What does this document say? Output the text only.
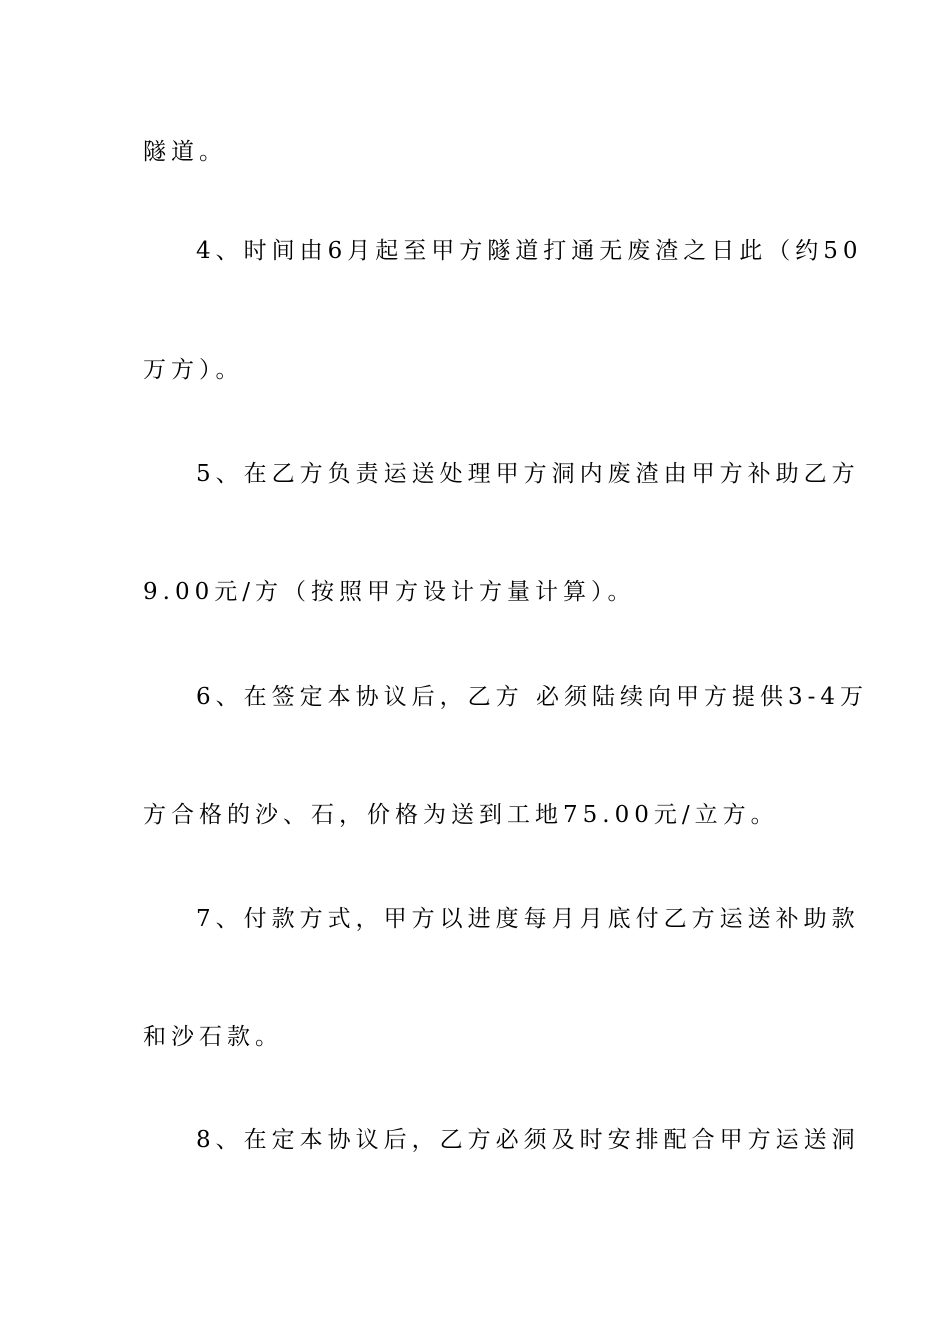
隧道。
4、时间由6月起至甲方隧道打通无废渣之日此（约50
万方）。
5、在乙方负责运送处理甲方洞内废渣由甲方补助乙方
9.00元/方（按照甲方设计方量计算）。
6、在签定本协议后，乙方 必须陆续向甲方提供3-4万
方合格的沙、石，价格为送到工地75.00元/立方。
7、付款方式，甲方以进度每月月底付乙方运送补助款
和沙石款。
8、在定本协议后，乙方必须及时安排配合甲方运送洞
